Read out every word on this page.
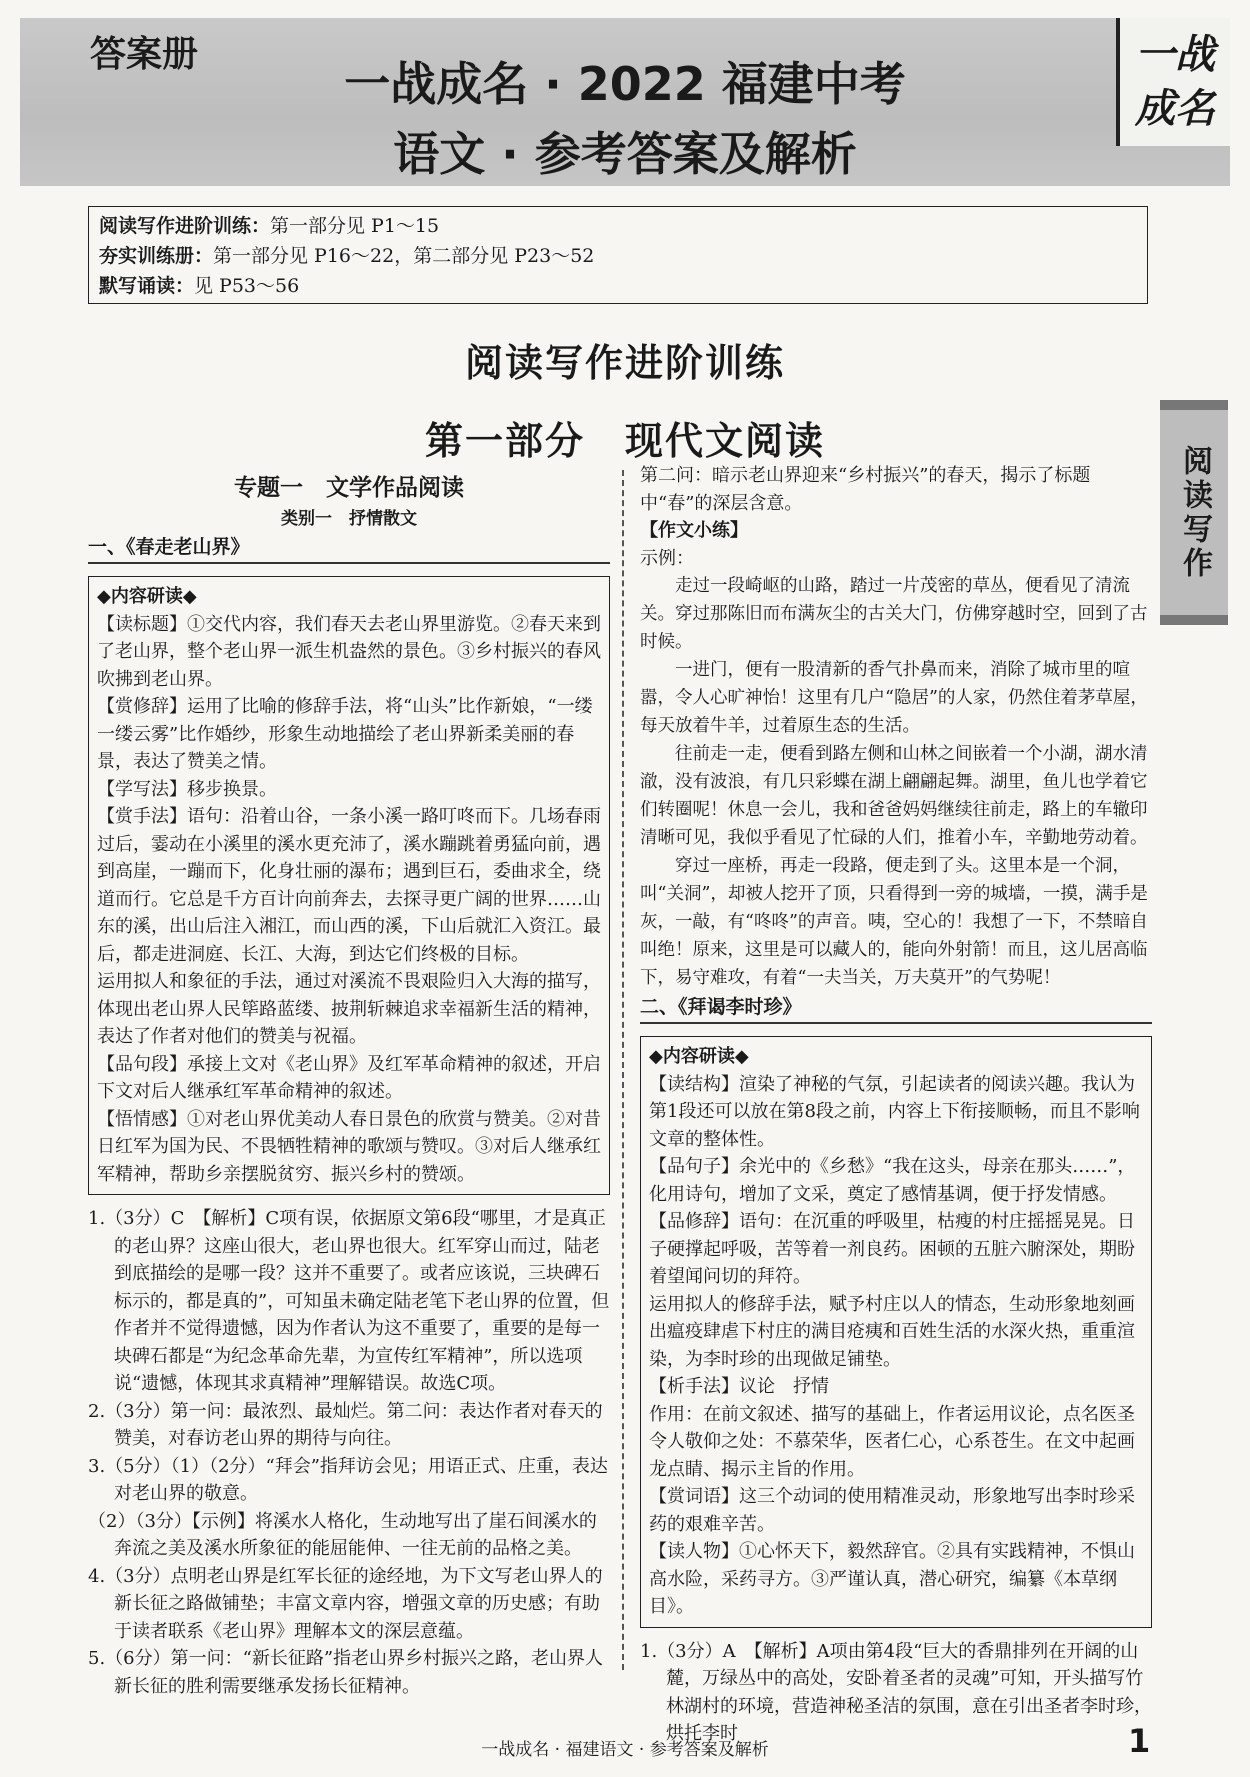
答案册
一战成名 · 2022 福建中考
语文 · 参考答案及解析
一战成名
阅读写作进阶训练：第一部分见 P1～15
夯实训练册：第一部分见 P16～22，第二部分见 P23～52
默写诵读：见 P53～56
阅读写作进阶训练
第一部分　现代文阅读
阅读写作
专题一　文学作品阅读
类别一　抒情散文
一、《春走老山界》

◆内容研读◆

【读标题】①交代内容，我们春天去老山界里游览。②春天来到了老山界，整个老山界一派生机盎然的景色。③乡村振兴的春风吹拂到老山界。

【赏修辞】运用了比喻的修辞手法，将“山头”比作新娘，“一缕一缕云雾”比作婚纱，形象生动地描绘了老山界新柔美丽的春景，表达了赞美之情。

【学写法】移步换景。

【赏手法】语句：沿着山谷，一条小溪一路叮咚而下。几场春雨过后，霎动在小溪里的溪水更充沛了，溪水蹦跳着勇猛向前，遇到高崖，一蹦而下，化身壮丽的瀑布；遇到巨石，委曲求全，绕道而行。它总是千方百计向前奔去，去探寻更广阔的世界……山东的溪，出山后注入湘江，而山西的溪，下山后就汇入资江。最后，都走进洞庭、长江、大海，到达它们终极的目标。

运用拟人和象征的手法，通过对溪流不畏艰险归入大海的描写，体现出老山界人民筚路蓝缕、披荆斩棘追求幸福新生活的精神，表达了作者对他们的赞美与祝福。

【品句段】承接上文对《老山界》及红军革命精神的叙述，开启下文对后人继承红军革命精神的叙述。

【悟情感】①对老山界优美动人春日景色的欣赏与赞美。②对昔日红军为国为民、不畏牺牲精神的歌颂与赞叹。③对后人继承红军精神，帮助乡亲摆脱贫穷、振兴乡村的赞颂。

1.（3分）C　【解析】C项有误，依据原文第6段“哪里，才是真正的老山界？这座山很大，老山界也很大。红军穿山而过，陆老到底描绘的是哪一段？这并不重要了。或者应该说，三块碑石标示的，都是真的”，可知虽未确定陆老笔下老山界的位置，但作者并不觉得遗憾，因为作者认为这不重要了，重要的是每一块碑石都是“为纪念革命先辈，为宣传红军精神”，所以选项说“遗憾，体现其求真精神”理解错误。故选C项。

2.（3分）第一问：最浓烈、最灿烂。第二问：表达作者对春天的赞美，对春访老山界的期待与向往。

3.（5分）（1）（2分）“拜会”指拜访会见；用语正式、庄重，表达对老山界的敬意。

（2）（3分）【示例】将溪水人格化，生动地写出了崖石间溪水的奔流之美及溪水所象征的能屈能伸、一往无前的品格之美。

4.（3分）点明老山界是红军长征的途经地，为下文写老山界人的新长征之路做铺垫；丰富文章内容，增强文章的历史感；有助于读者联系《老山界》理解本文的深层意蕴。

5.（6分）第一问：“新长征路”指老山界乡村振兴之路，老山界人新长征的胜利需要继承发扬长征精神。

第二问：暗示老山界迎来“乡村振兴”的春天，揭示了标题中“春”的深层含意。

【作文小练】

示例：

走过一段崎岖的山路，踏过一片茂密的草丛，便看见了清流关。穿过那陈旧而布满灰尘的古关大门，仿佛穿越时空，回到了古时候。

一进门，便有一股清新的香气扑鼻而来，消除了城市里的喧嚣，令人心旷神怡！这里有几户“隐居”的人家，仍然住着茅草屋，每天放着牛羊，过着原生态的生活。

往前走一走，便看到路左侧和山林之间嵌着一个小湖，湖水清澈，没有波浪，有几只彩蝶在湖上翩翩起舞。湖里，鱼儿也学着它们转圈呢！休息一会儿，我和爸爸妈妈继续往前走，路上的车辙印清晰可见，我似乎看见了忙碌的人们，推着小车，辛勤地劳动着。

穿过一座桥，再走一段路，便走到了头。这里本是一个洞，叫“关洞”，却被人挖开了顶，只看得到一旁的城墙，一摸，满手是灰，一敲，有“咚咚”的声音。咦，空心的！我想了一下，不禁暗自叫绝！原来，这里是可以藏人的，能向外射箭！而且，这儿居高临下，易守难攻，有着“一夫当关，万夫莫开”的气势呢！

二、《拜谒李时珍》

◆内容研读◆

【读结构】渲染了神秘的气氛，引起读者的阅读兴趣。我认为第1段还可以放在第8段之前，内容上下衔接顺畅，而且不影响文章的整体性。

【品句子】余光中的《乡愁》“我在这头，母亲在那头……”，化用诗句，增加了文采，奠定了感情基调，便于抒发情感。

【品修辞】语句：在沉重的呼吸里，枯瘦的村庄摇摇晃晃。日子硬撑起呼吸，苦等着一剂良药。困顿的五脏六腑深处，期盼着望闻问切的拜符。

运用拟人的修辞手法，赋予村庄以人的情态，生动形象地刻画出瘟疫肆虐下村庄的满目疮痍和百姓生活的水深火热，重重渲染，为李时珍的出现做足铺垫。

【析手法】议论　抒情

作用：在前文叙述、描写的基础上，作者运用议论，点名医圣令人敬仰之处：不慕荣华，医者仁心，心系苍生。在文中起画龙点睛、揭示主旨的作用。

【赏词语】这三个动词的使用精准灵动，形象地写出李时珍采药的艰难辛苦。

【读人物】①心怀天下，毅然辞官。②具有实践精神，不惧山高水险，采药寻方。③严谨认真，潜心研究，编纂《本草纲目》。

1.（3分）A　【解析】A项由第4段“巨大的香鼎排列在开阔的山麓，万绿丛中的高处，安卧着圣者的灵魂”可知，开头描写竹林湖村的环境，营造神秘圣洁的氛围，意在引出圣者李时珍，烘托李时

一战成名 · 福建语文 · 参考答案及解析	1
